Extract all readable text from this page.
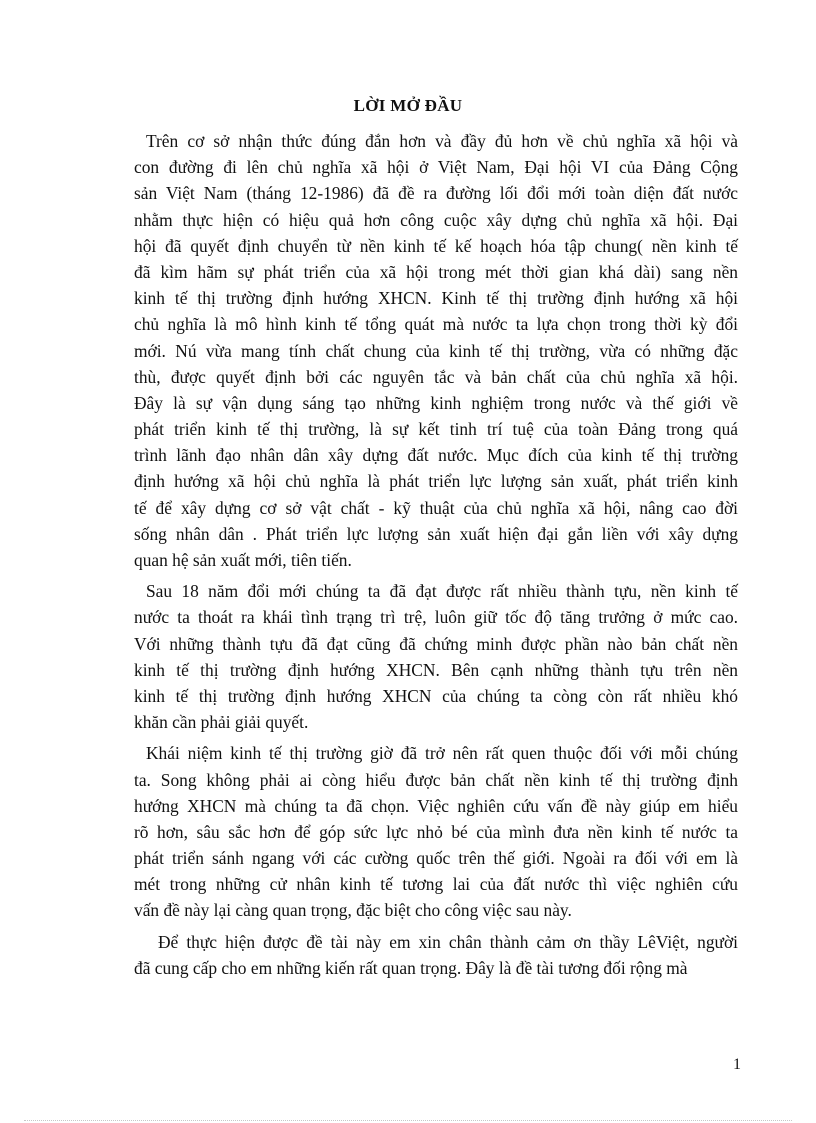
LỜI MỞ ĐẦU
Trên cơ sở nhận thức đúng đắn hơn và đầy đủ hơn về chủ nghĩa xã hội và
con đường đi lên chủ nghĩa xã hội ở Việt Nam, Đại hội VI của Đảng Cộng
sản Việt Nam (tháng 12-1986) đã đề ra đường lối đổi mới toàn diện đất nước
nhằm thực hiện có hiệu quả hơn công cuộc xây dựng chủ nghĩa xã hội. Đại
hội đã quyết định chuyển từ nền kinh tế kế hoạch hóa tập chung( nền kinh tế
đã kìm hãm sự phát triển của xã hội trong mét thời gian khá dài) sang nền
kinh tế thị trường định hướng XHCN. Kinh tế thị trường định hướng xã hội
chủ nghĩa là mô hình kinh tế tổng quát mà nước ta lựa chọn trong thời kỳ đổi
mới. Nú vừa mang tính chất chung của kinh tế thị trường, vừa có những đặc
thù, được quyết định bởi các nguyên tắc và bản chất của chủ nghĩa xã hội.
Đây là sự vận dụng sáng tạo những kinh nghiệm trong nước và thế giới về
phát triển kinh tế thị trường, là sự kết tinh trí tuệ của toàn Đảng trong quá
trình lãnh đạo nhân dân xây dựng đất nước. Mục đích của kinh tế thị trường
định hướng xã hội chủ nghĩa là phát triển lực lượng sản xuất, phát triển kinh
tế để xây dựng cơ sở vật chất - kỹ thuật của chủ nghĩa xã hội, nâng cao đời
sống nhân dân . Phát triển lực lượng sản xuất hiện đại gắn liền với xây dựng
quan hệ sản xuất mới, tiên tiến.
Sau 18 năm đổi mới chúng ta đã đạt được rất nhiều thành tựu, nền kinh tế
nước ta thoát ra khái tình trạng trì trệ, luôn giữ tốc độ tăng trưởng ở mức cao.
Với những thành tựu đã đạt cũng đã chứng minh được phần nào bản chất nền
kinh tế thị trường định hướng XHCN. Bên cạnh những thành tựu trên nền
kinh tế thị trường định hướng XHCN của chúng ta còng còn rất nhiều khó
khăn cần phải giải quyết.
Khái niệm kinh tế thị trường giờ đã trở nên rất quen thuộc đối với mỗi chúng
ta. Song không phải ai còng hiểu được bản chất nền kinh tế thị trường định
hướng XHCN mà chúng ta đã chọn. Việc nghiên cứu vấn đề này giúp em hiểu
rõ hơn, sâu sắc hơn để góp sức lực nhỏ bé của mình đưa nền kinh tế nước ta
phát triển sánh ngang với các cường quốc trên thế giới. Ngoài ra đối với em là
mét trong những cử nhân kinh tế tương lai của đất nước thì việc nghiên cứu
vấn đề này lại càng quan trọng, đặc biệt cho công việc sau này.
Để thực hiện được đề tài này em xin chân thành cảm ơn thầy LêViệt, người
đã cung cấp cho em những kiến rất quan trọng. Đây là đề tài tương đối rộng mà
1
